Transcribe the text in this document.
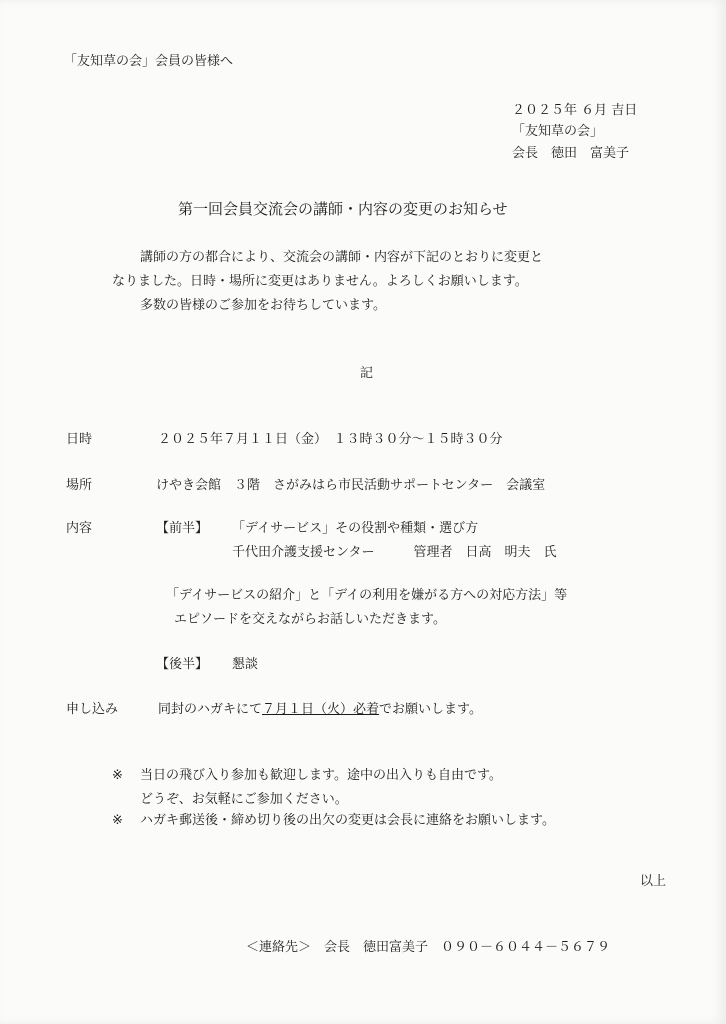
「友知草の会」会員の皆様へ
２０２５年 ６月 吉日
「友知草の会」
会長　徳田　富美子
第一回会員交流会の講師・内容の変更のお知らせ
講師の方の都合により、交流会の講師・内容が下記のとおりに変更と
なりました。日時・場所に変更はありません。よろしくお願いします。
多数の皆様のご参加をお待ちしています。
記
日時	２０２５年７月１１日（金）　１３時３０分～１５時３０分
場所	けやき会館　３階　さがみはら市民活動サポートセンター　会議室
内容	【前半】 「デイサービス」その役割や種類・選び方
千代田介護支援センター　　　管理者　日高　明夫　氏
「デイサービスの紹介」と「デイの利用を嫌がる方への対応方法」等
エピソードを交えながらお話しいただきます。
【後半】 懇談
申し込み	同封のハガキにて７月１日（火）必着でお願いします。
※ 当日の飛び入り参加も歓迎します。途中の出入りも自由です。
どうぞ、お気軽にご参加ください。
※ ハガキ郵送後・締め切り後の出欠の変更は会長に連絡をお願いします。
以上
＜連絡先＞　会長　徳田富美子　０９０－６０４４－５６７９
